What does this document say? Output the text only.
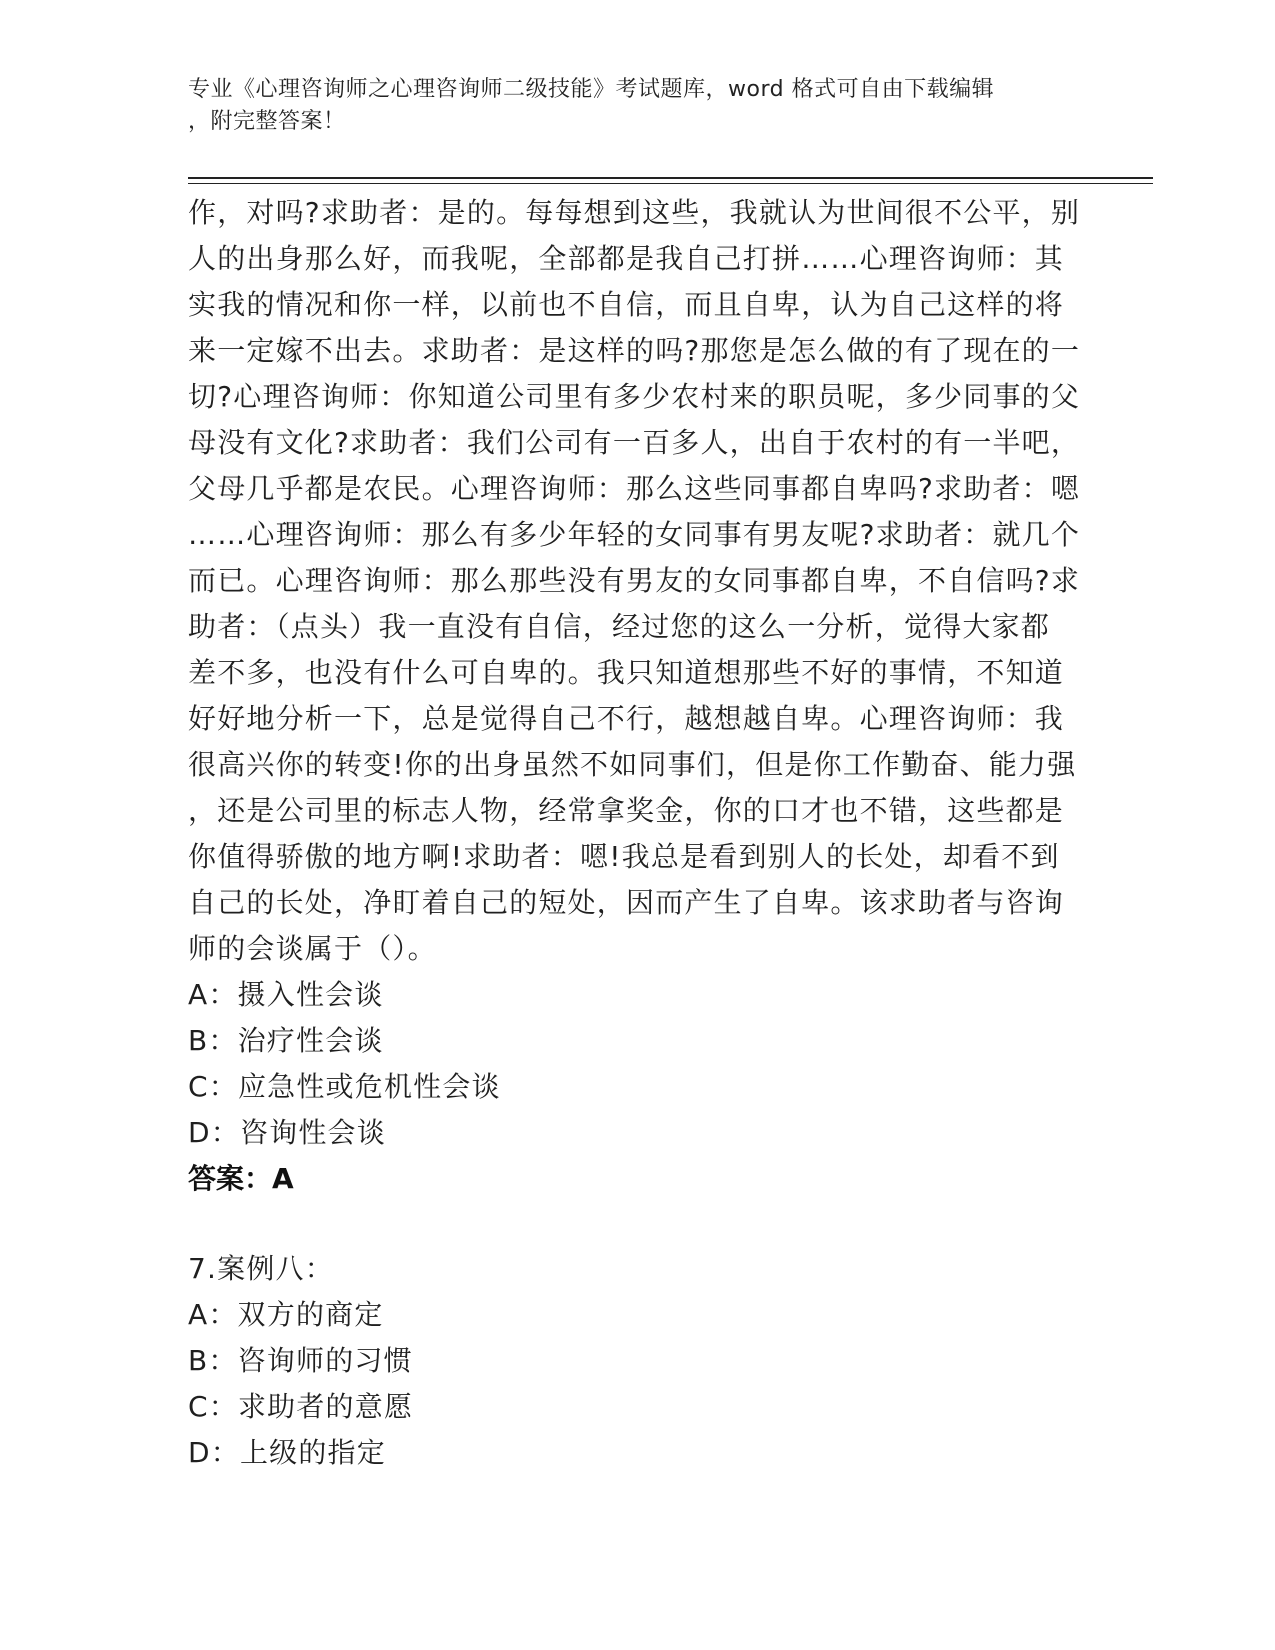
专业《心理咨询师之心理咨询师二级技能》考试题库，word 格式可自由下载编辑
，附完整答案！
作，对吗?求助者：是的。每每想到这些，我就认为世间很不公平，别
人的出身那么好，而我呢，全部都是我自己打拼……心理咨询师：其
实我的情况和你一样，以前也不自信，而且自卑，认为自己这样的将
来一定嫁不出去。求助者：是这样的吗?那您是怎么做的有了现在的一
切?心理咨询师：你知道公司里有多少农村来的职员呢，多少同事的父
母没有文化?求助者：我们公司有一百多人，出自于农村的有一半吧，
父母几乎都是农民。心理咨询师：那么这些同事都自卑吗?求助者：嗯
……心理咨询师：那么有多少年轻的女同事有男友呢?求助者：就几个
而已。心理咨询师：那么那些没有男友的女同事都自卑，不自信吗?求
助者：（点头）我一直没有自信，经过您的这么一分析，觉得大家都
差不多，也没有什么可自卑的。我只知道想那些不好的事情，不知道
好好地分析一下，总是觉得自己不行，越想越自卑。心理咨询师：我
很高兴你的转变!你的出身虽然不如同事们，但是你工作勤奋、能力强
，还是公司里的标志人物，经常拿奖金，你的口才也不错，这些都是
你值得骄傲的地方啊!求助者：嗯!我总是看到别人的长处，却看不到
自己的长处，净盯着自己的短处，因而产生了自卑。该求助者与咨询
师的会谈属于（）。
A：摄入性会谈
B：治疗性会谈
C：应急性或危机性会谈
D：咨询性会谈
答案：A
7.案例八：
A：双方的商定
B：咨询师的习惯
C：求助者的意愿
D：上级的指定
